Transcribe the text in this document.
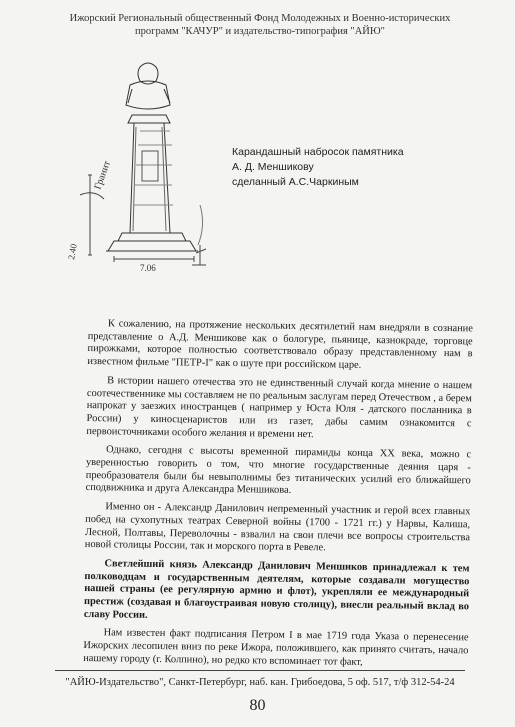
Ижорский Региональный общественный Фонд Молодежных и Военно-исторических
программ "КАЧУР" и издательство-типография "АЙЮ"
Гранит
7.06
2.40
Карандашный набросок памятника
А. Д. Меншикову
сделанный А.С.Чаркиным

К сожалению, на протяжение нескольких десятилетий нам внедряли в сознание представление о А.Д. Меншикове как о бологуре, пьянице, казнокраде, торговце пирожками, которое полностью соответствовало образу представленному нам в известном фильме "ПЕТР-I" как о шуте при российском царе.

В истории нашего отечества это не единственный случай когда мнение о нашем соотечественнике мы составляем не по реальным заслугам перед Отечеством , а берем напрокат у заезжих иностранцев ( например у Юста Юля - датского посланника в России) у киносценаристов или из газет, дабы самим ознакомится с первоисточниками особого желания и времени нет.

Однако, сегодня с высоты временной пирамиды конца XX века, можно с уверенностью говорить о том, что многие государственные деяния царя - преобразователя были бы невыполнимы без титанических усилий его ближайшего сподвижника и друга Александра Меншикова.

Именно он - Александр Данилович непременный участник и герой всех главных побед на сухопутных театрах Северной войны (1700 - 1721 гг.) у Нарвы, Калиша, Лесной, Полтавы, Переволочны - взвалил на свои плечи все вопросы строительства новой столицы России, так и морского порта в Ревеле.

Светлейший князь Александр Данилович Меншиков принадлежал к тем полководцам и государственным деятелям, которые создавали могущество нашей страны (ее регулярную армию и флот), укрепляли ее международный престиж (создавая и благоустраивая новую столицу), внесли реальный вклад во славу России.

Нам известен факт подписания Петром I в мае 1719 года Указа о перенесение Ижорских лесопилен вниз по реке Ижора, положившего, как принято считать, начало нашему городу (г. Колпино), но редко кто вспоминает тот факт,

"АЙЮ-Издательство", Санкт-Петербург, наб. кан. Грибоедова, 5 оф. 517, т/ф 312-54-24
80
